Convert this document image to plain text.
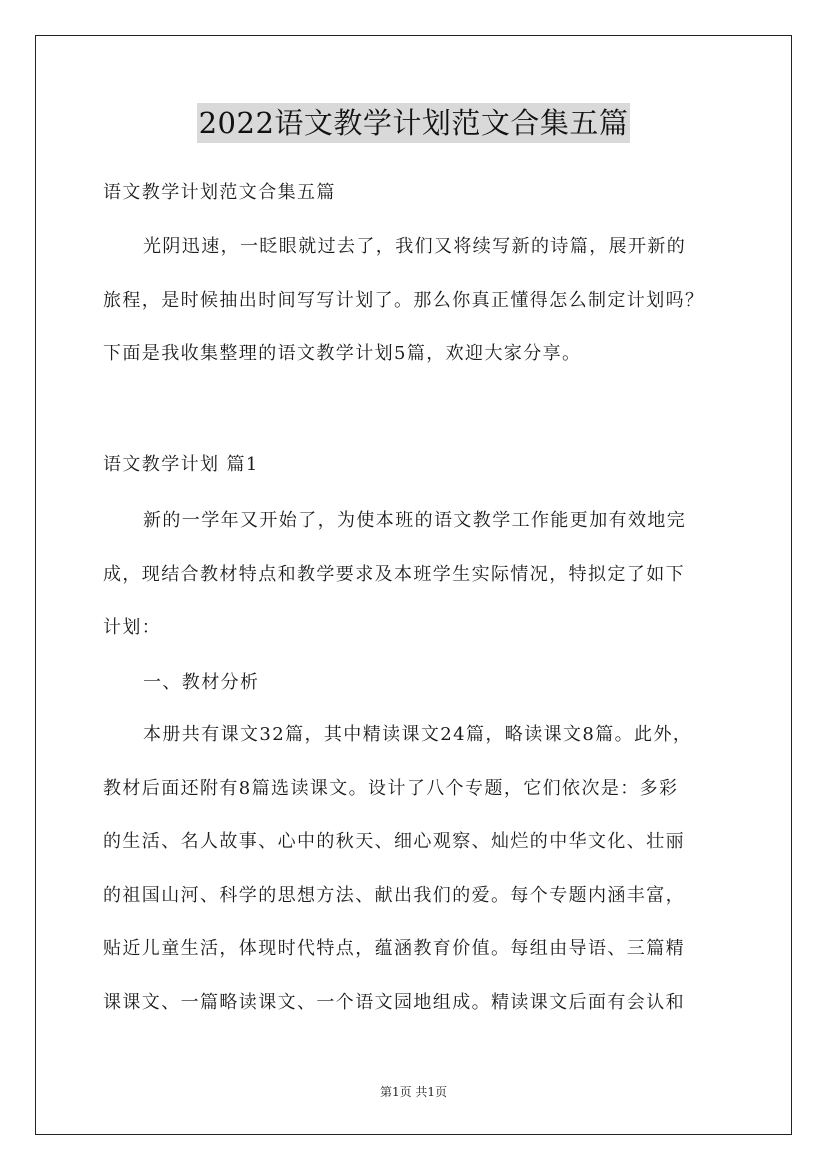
2022语文教学计划范文合集五篇
语文教学计划范文合集五篇
光阴迅速，一眨眼就过去了，我们又将续写新的诗篇，展开新的
旅程，是时候抽出时间写写计划了。那么你真正懂得怎么制定计划吗？
下面是我收集整理的语文教学计划5篇，欢迎大家分享。
语文教学计划 篇1
新的一学年又开始了，为使本班的语文教学工作能更加有效地完
成，现结合教材特点和教学要求及本班学生实际情况，特拟定了如下
计划：
一、教材分析
本册共有课文32篇，其中精读课文24篇，略读课文8篇。此外，
教材后面还附有8篇选读课文。设计了八个专题，它们依次是：多彩
的生活、名人故事、心中的秋天、细心观察、灿烂的中华文化、壮丽
的祖国山河、科学的思想方法、献出我们的爱。每个专题内涵丰富，
贴近儿童生活，体现时代特点，蕴涵教育价值。每组由导语、三篇精
课课文、一篇略读课文、一个语文园地组成。精读课文后面有会认和
第1页 共1页
